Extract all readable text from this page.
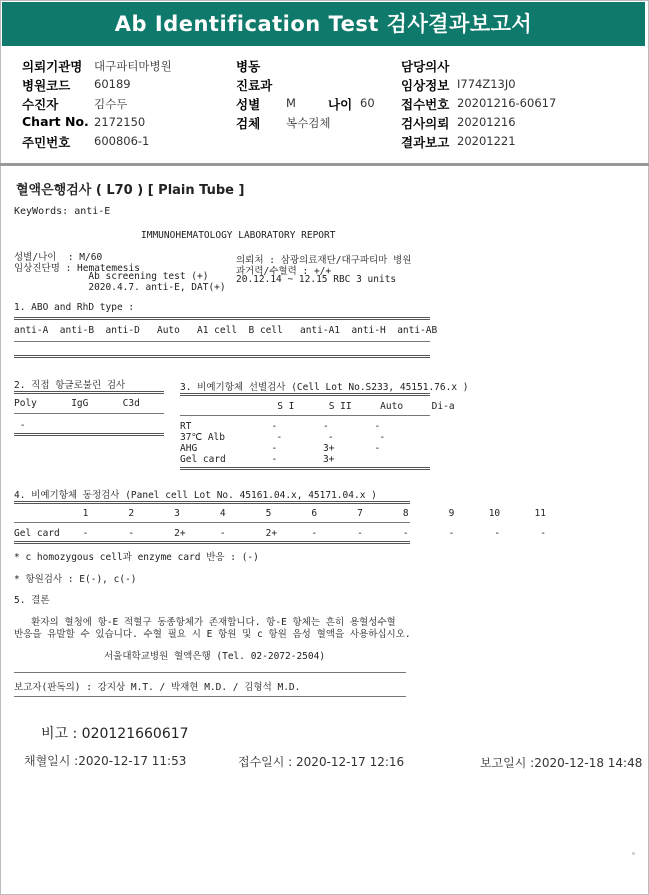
Ab Identification Test 검사결과보고서
의뢰기관명 대구파티마병원
병원코드 60189
수진자	김수두
Chart No. 2172150
주민번호 600806-1
병동
진료과
성별 M	나이 60
검체 복수검체
담당의사
임상정보 I774Z13J0
접수번호 20201216-60617
검사의뢰 20201216
결과보고 20201221
혈액은행검사 ( L70 ) [ Plain Tube ]
KeyWords: anti-E
IMMUNOHEMATOLOGY LABORATORY REPORT
성별/나이  : M/60
임상진단명 : Hematemesis
Ab screening test (+)
2020.4.7. anti-E, DAT(+)
의뢰처 : 삼광의료재단/대구파티마 병원
과거력/수혈력 : +/+
20.12.14 ~ 12.15 RBC 3 units
1. ABO and RhD type :
anti-A  anti-B  anti-D   Auto   A1 cell  B cell   anti-A1  anti-H  anti-AB
2. 직접 항글로불린 검사
Poly      IgG      C3d
-
3. 비예기항체 선별검사 (Cell Lot No.S233, 45151.76.x )
S I      S II     Auto     Di-a
RT              -        -        -
37℃ Alb         -        -        -
AHG             -        3+       -
Gel card        -        3+
4. 비예기항체 동정검사 (Panel cell Lot No. 45161.04.x, 45171.04.x )
1       2       3       4       5       6       7       8       9      10      11
Gel card    -       -       2+      -       2+      -       -       -       -       -       -
* c homozygous cell과 enzyme card 반응 : (-)
* 항원검사 : E(-), c(-)
5. 결론
환자의 혈청에 항-E 적혈구 동종항체가 존재합니다. 항-E 항체는 흔히 용혈성수혈
반응을 유발할 수 있습니다. 수혈 필요 시 E 항원 및 c 항원 음성 혈액을 사용하십시오.
서울대학교병원 혈액은행 (Tel. 02-2072-2504)
보고자(판독의) : 강지상 M.T. / 박재현 M.D. / 김형석 M.D.
비고 : 020121660617
채혈일시 :2020-12-17 11:53	접수일시 : 2020-12-17 12:16	보고일시 :2020-12-18 14:48
